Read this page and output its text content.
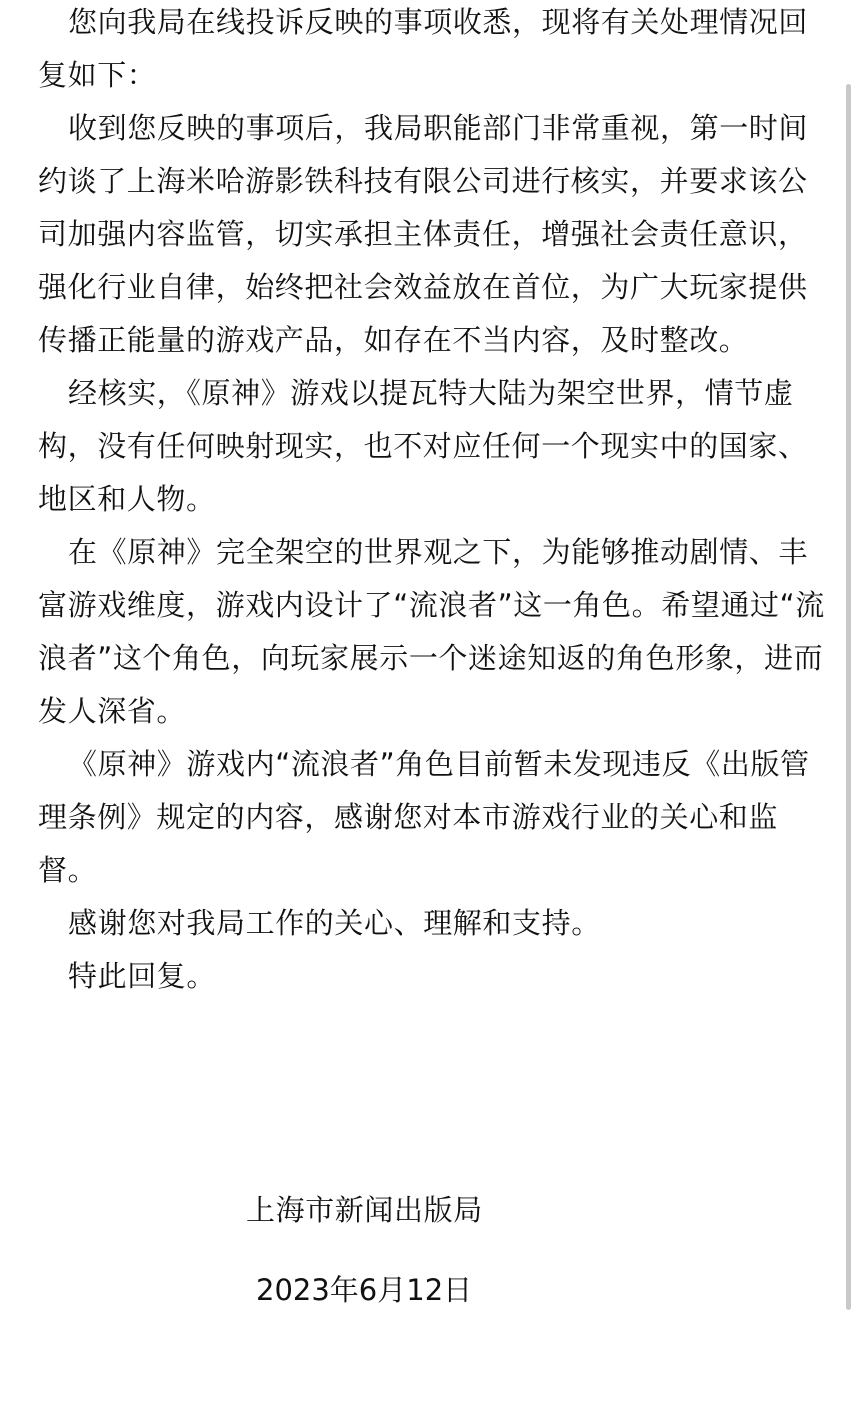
您向我局在线投诉反映的事项收悉，现将有关处理情况回复如下：

收到您反映的事项后，我局职能部门非常重视，第一时间约谈了上海米哈游影铁科技有限公司进行核实，并要求该公司加强内容监管，切实承担主体责任，增强社会责任意识，强化行业自律，始终把社会效益放在首位，为广大玩家提供传播正能量的游戏产品，如存在不当内容，及时整改。

经核实，《原神》游戏以提瓦特大陆为架空世界，情节虚构，没有任何映射现实，也不对应任何一个现实中的国家、地区和人物。

在《原神》完全架空的世界观之下，为能够推动剧情、丰富游戏维度，游戏内设计了“流浪者”这一角色。希望通过“流浪者”这个角色，向玩家展示一个迷途知返的角色形象，进而发人深省。

《原神》游戏内“流浪者”角色目前暂未发现违反《出版管理条例》规定的内容，感谢您对本市游戏行业的关心和监督。

感谢您对我局工作的关心、理解和支持。

特此回复。

上海市新闻出版局

2023年6月12日
